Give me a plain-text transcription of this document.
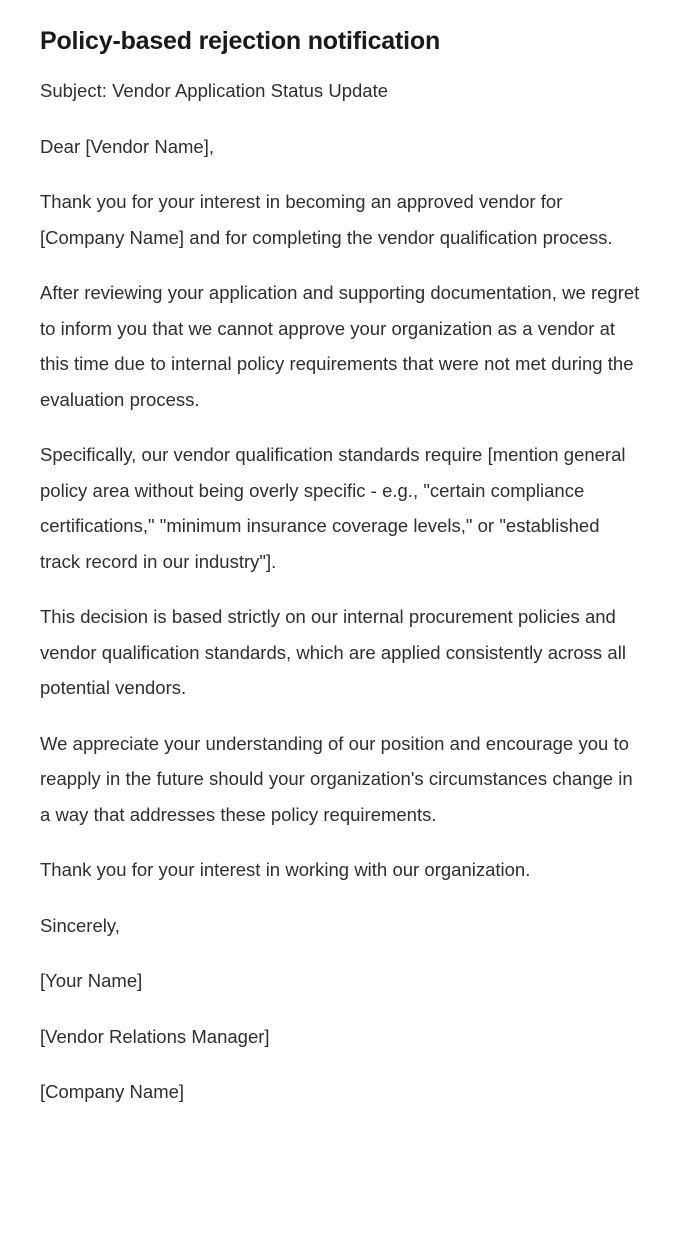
Policy-based rejection notification

Subject: Vendor Application Status Update

Dear [Vendor Name],

Thank you for your interest in becoming an approved vendor for [Company Name] and for completing the vendor qualification process.

After reviewing your application and supporting documentation, we regret to inform you that we cannot approve your organization as a vendor at this time due to internal policy requirements that were not met during the evaluation process.

Specifically, our vendor qualification standards require [mention general policy area without being overly specific - e.g., "certain compliance certifications," "minimum insurance coverage levels," or "established track record in our industry"].

This decision is based strictly on our internal procurement policies and vendor qualification standards, which are applied consistently across all potential vendors.

We appreciate your understanding of our position and encourage you to reapply in the future should your organization's circumstances change in a way that addresses these policy requirements.

Thank you for your interest in working with our organization.

Sincerely,

[Your Name]

[Vendor Relations Manager]

[Company Name]
